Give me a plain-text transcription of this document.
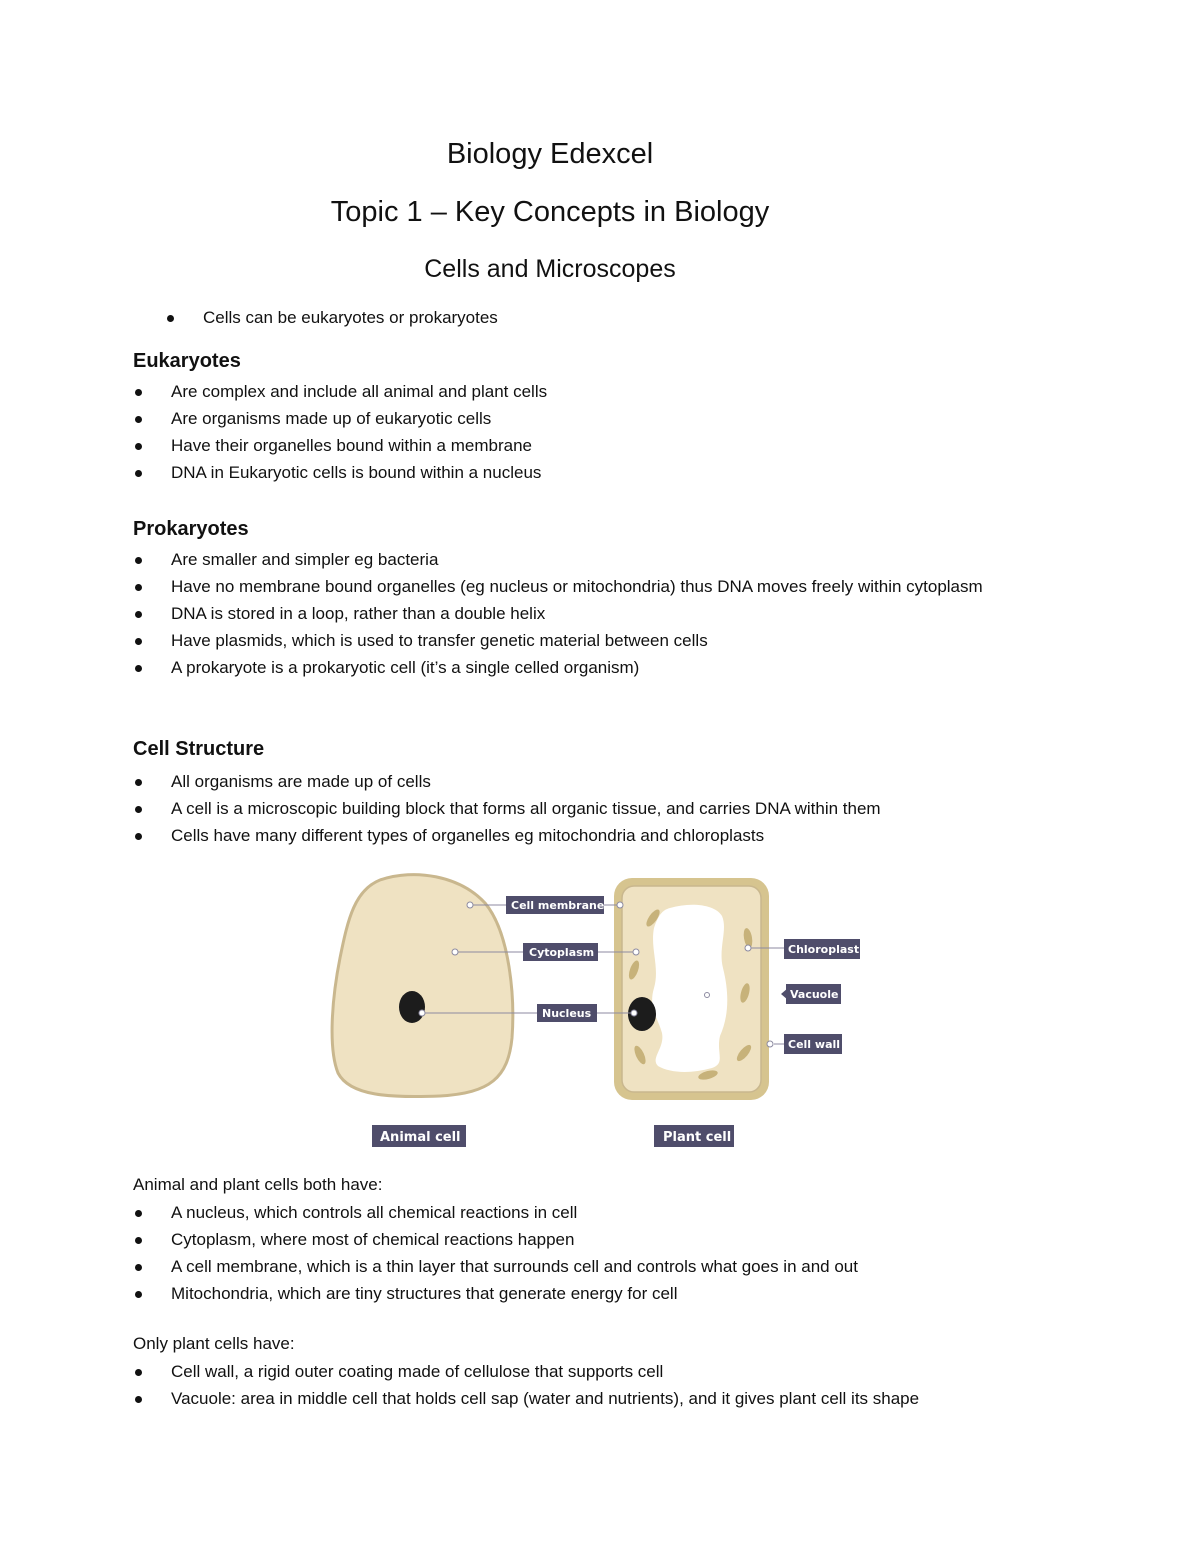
Biology Edexcel
Topic 1 – Key Concepts in Biology
Cells and Microscopes
Cells can be eukaryotes or prokaryotes
Eukaryotes
Are complex and include all animal and plant cells
Are organisms made up of eukaryotic cells
Have their organelles bound within a membrane
DNA in Eukaryotic cells is bound within a nucleus
Prokaryotes
Are smaller and simpler eg bacteria
Have no membrane bound organelles (eg nucleus or mitochondria) thus DNA moves freely within cytoplasm
DNA is stored in a loop, rather than a double helix
Have plasmids, which is used to transfer genetic material between cells
A prokaryote is a prokaryotic cell (it’s a single celled organism)
Cell Structure
All organisms are made up of cells
A cell is a microscopic building block that forms all organic tissue, and carries DNA within them
Cells have many different types of organelles eg mitochondria and chloroplasts
Cell membrane
Cytoplasm
Nucleus
Chloroplast
Vacuole
Cell wall
Animal cell	Plant cell

Animal and plant cells both have:

A nucleus, which controls all chemical reactions in cell
Cytoplasm, where most of chemical reactions happen
A cell membrane, which is a thin layer that surrounds cell and controls what goes in and out
Mitochondria, which are tiny structures that generate energy for cell

Only plant cells have:

Cell wall, a rigid outer coating made of cellulose that supports cell
Vacuole: area in middle cell that holds cell sap (water and nutrients), and it gives plant cell its shape
